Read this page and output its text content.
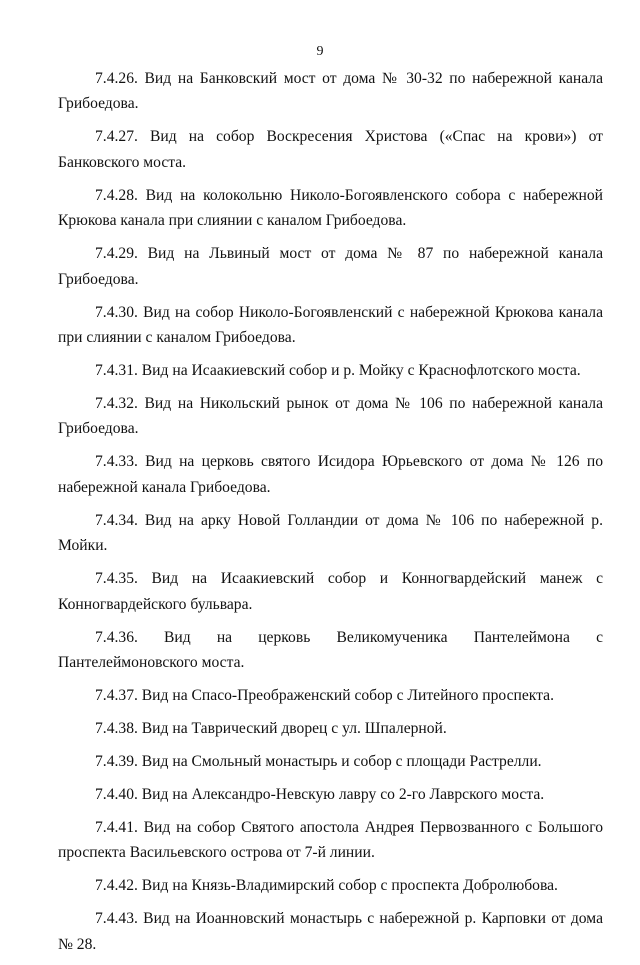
9

7.4.26. Вид на Банковский мост от дома № 30-32 по набережной канала Грибоедова.

7.4.27. Вид на собор Воскресения Христова («Спас на крови») от Банковского моста.

7.4.28. Вид на колокольню Николо-Богоявленского собора с набережной Крюкова канала при слиянии с каналом Грибоедова.

7.4.29. Вид на Львиный мост от дома № 87 по набережной канала Грибоедова.

7.4.30. Вид на собор Николо-Богоявленский с набережной Крюкова канала при слиянии с каналом Грибоедова.

7.4.31. Вид на Исаакиевский собор и р. Мойку с Краснофлотского моста.

7.4.32. Вид на Никольский рынок от дома № 106 по набережной канала Грибоедова.

7.4.33. Вид на церковь святого Исидора Юрьевского от дома № 126 по набережной канала Грибоедова.

7.4.34. Вид на арку Новой Голландии от дома № 106 по набережной р. Мойки.

7.4.35. Вид на Исаакиевский собор и Конногвардейский манеж с Конногвардейского бульвара.

7.4.36. Вид на церковь Великомученика Пантелеймона с Пантелеймоновского моста.

7.4.37. Вид на Спасо-Преображенский собор с Литейного проспекта.

7.4.38. Вид на Таврический дворец с ул. Шпалерной.

7.4.39. Вид на Смольный монастырь и собор с площади Растрелли.

7.4.40. Вид на Александро-Невскую лавру со 2-го Лаврского моста.

7.4.41. Вид на собор Святого апостола Андрея Первозванного с Большого проспекта Васильевского острова от 7-й линии.

7.4.42. Вид на Князь-Владимирский собор с проспекта Добролюбова.

7.4.43. Вид на Иоанновский монастырь с набережной р. Карповки от дома № 28.
